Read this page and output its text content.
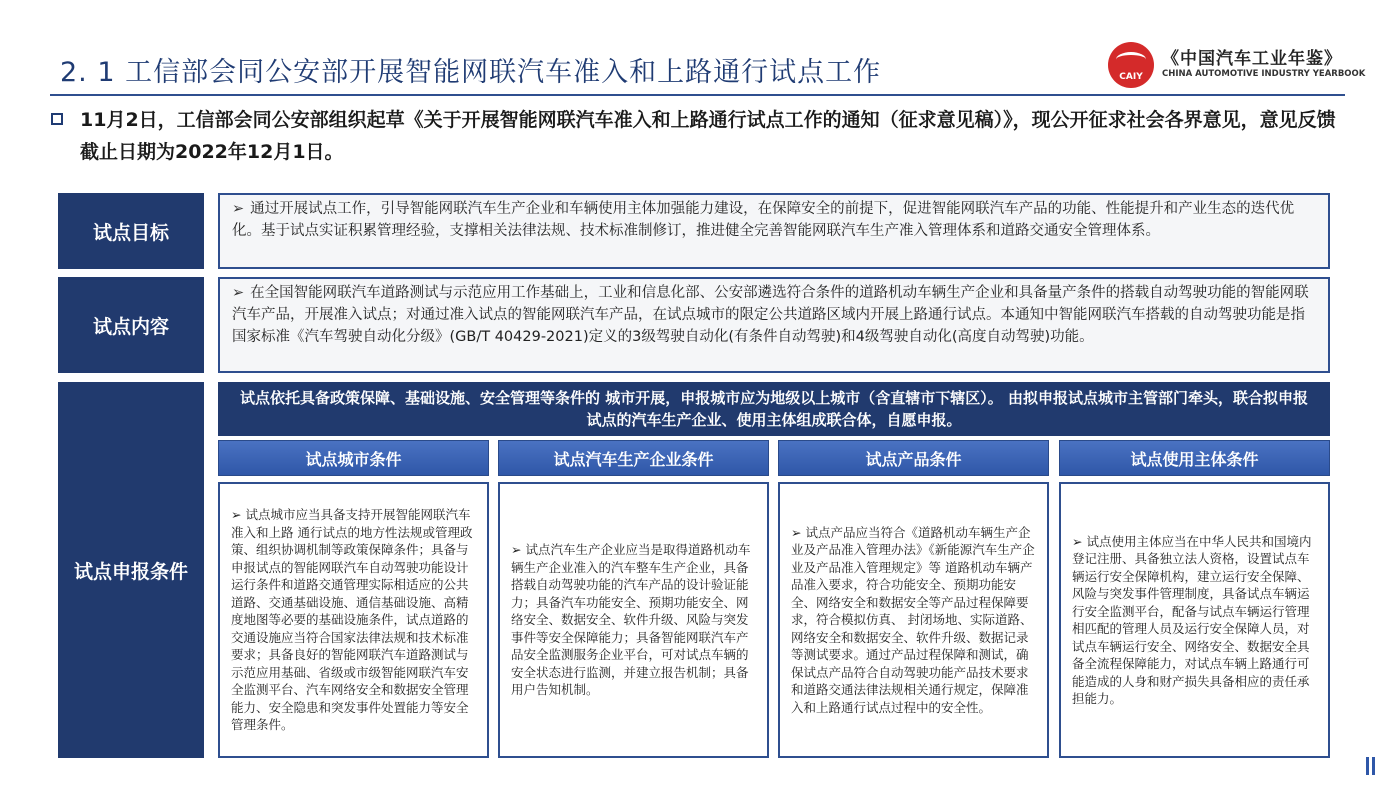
2. 1 工信部会同公安部开展智能网联汽车准入和上路通行试点工作	CAIY
《中国汽车工业年鉴》
CHINA AUTOMOTIVE INDUSTRY YEARBOOK
11月2日，工信部会同公安部组织起草《关于开展智能网联汽车准入和上路通行试点工作的通知（征求意见稿）》，现公开征求社会各界意见，意见反馈截止日期为2022年12月1日。
试点目标
➢ 通过开展试点工作，引导智能网联汽车生产企业和车辆使用主体加强能力建设，在保障安全的前提下，促进智能网联汽车产品的功能、性能提升和产业生态的迭代优化。基于试点实证积累管理经验，支撑相关法律法规、技术标准制修订，推进健全完善智能网联汽车生产准入管理体系和道路交通安全管理体系。
试点内容
➢ 在全国智能网联汽车道路测试与示范应用工作基础上，工业和信息化部、公安部遴选符合条件的道路机动车辆生产企业和具备量产条件的搭载自动驾驶功能的智能网联汽车产品，开展准入试点；对通过准入试点的智能网联汽车产品，在试点城市的限定公共道路区域内开展上路通行试点。本通知中智能网联汽车搭载的自动驾驶功能是指国家标准《汽车驾驶自动化分级》(GB/T 40429-2021)定义的3级驾驶自动化(有条件自动驾驶)和4级驾驶自动化(高度自动驾驶)功能。
试点申报条件
试点依托具备政策保障、基础设施、安全管理等条件的 城市开展，申报城市应为地级以上城市（含直辖市下辖区）。 由拟申报试点城市主管部门牵头，联合拟申报试点的汽车生产企业、使用主体组成联合体，自愿申报。
试点城市条件	试点汽车生产企业条件	试点产品条件	试点使用主体条件
➢ 试点城市应当具备支持开展智能网联汽车准入和上路 通行试点的地方性法规或管理政策、组织协调机制等政策保障条件；具备与申报试点的智能网联汽车自动驾驶功能设计 运行条件和道路交通管理实际相适应的公共道路、交通基础设施、通信基础设施、高精度地图等必要的基础设施条件，试点道路的交通设施应当符合国家法律法规和技术标准要求；具备良好的智能网联汽车道路测试与示范应用基础、省级或市级智能网联汽车安全监测平台、汽车网络安全和数据安全管理能力、安全隐患和突发事件处置能力等安全管理条件。
➢ 试点汽车生产企业应当是取得道路机动车辆生产企业准入的汽车整车生产企业，具备搭载自动驾驶功能的汽车产品的设计验证能力；具备汽车功能安全、预期功能安全、网络安全、数据安全、软件升级、风险与突发事件等安全保障能力；具备智能网联汽车产品安全监测服务企业平台，可对试点车辆的安全状态进行监测，并建立报告机制；具备用户告知机制。
➢ 试点产品应当符合《道路机动车辆生产企业及产品准入管理办法》《新能源汽车生产企业及产品准入管理规定》等 道路机动车辆产品准入要求，符合功能安全、预期功能安全、网络安全和数据安全等产品过程保障要求，符合模拟仿真、 封闭场地、实际道路、网络安全和数据安全、软件升级、数据记录等测试要求。通过产品过程保障和测试，确保试点产品符合自动驾驶功能产品技术要求和道路交通法律法规相关通行规定，保障准入和上路通行试点过程中的安全性。
➢ 试点使用主体应当在中华人民共和国境内登记注册、具备独立法人资格，设置试点车辆运行安全保障机构，建立运行安全保障、风险与突发事件管理制度，具备试点车辆运行安全监测平台，配备与试点车辆运行管理相匹配的管理人员及运行安全保障人员，对试点车辆运行安全、网络安全、数据安全具备全流程保障能力，对试点车辆上路通行可能造成的人身和财产损失具备相应的责任承担能力。
